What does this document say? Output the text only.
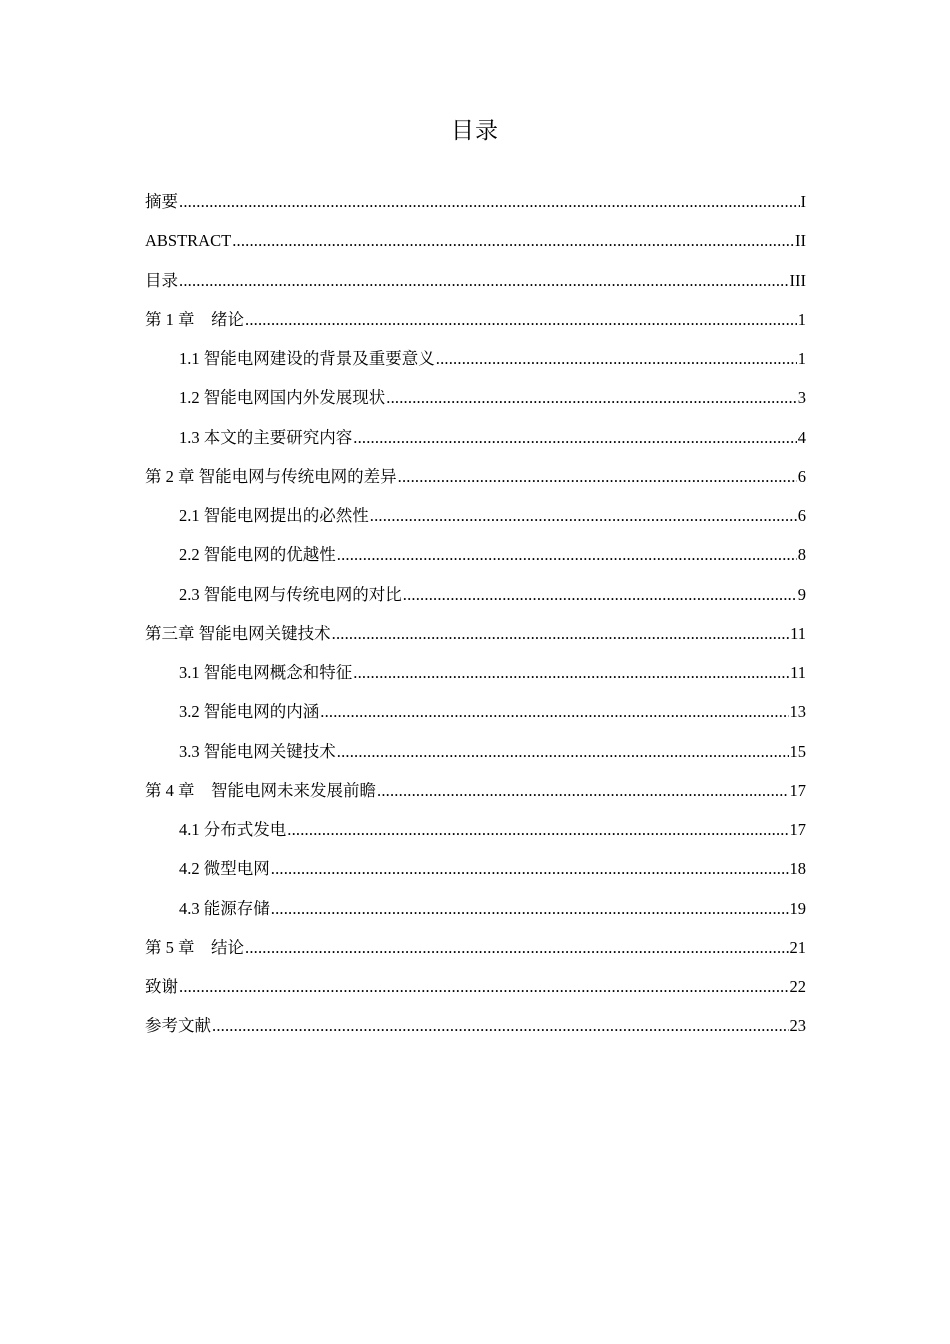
目录
摘要 .....	I
ABSTRACT .....	II
目录 .....	III
第 1 章　绪论 .....	1
1.1 智能电网建设的背景及重要意义 .....	1
1.2 智能电网国内外发展现状 .....	3
1.3 本文的主要研究内容 .....	4
第 2 章 智能电网与传统电网的差异 .....	6
2.1 智能电网提出的必然性 .....	6
2.2 智能电网的优越性 .....	8
2.3 智能电网与传统电网的对比 .....	9
第三章 智能电网关键技术 .....	11
3.1 智能电网概念和特征 .....	11
3.2 智能电网的内涵 .....	13
3.3 智能电网关键技术 .....	15
第 4 章　智能电网未来发展前瞻 .....	17
4.1 分布式发电 .....	17
4.2 微型电网 .....	18
4.3 能源存储 .....	19
第 5 章　结论 .....	21
致谢 .....	22
参考文献 .....	23
